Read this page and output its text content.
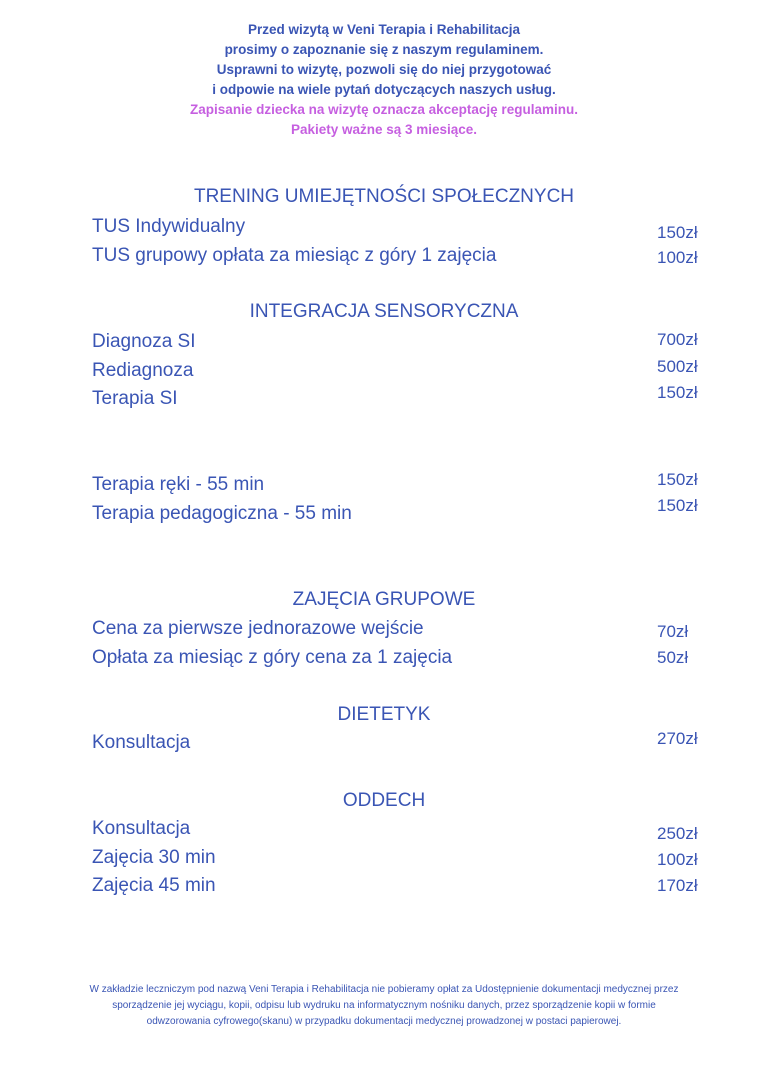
Przed wizytą w Veni Terapia i Rehabilitacja
prosimy o zapoznanie się z naszym regulaminem.
Usprawni to wizytę, pozwoli się do niej przygotować
i odpowie na wiele pytań dotyczących naszych usług.
Zapisanie dziecka na wizytę oznacza akceptację regulaminu.
Pakiety ważne są 3 miesiące.
TRENING UMIEJĘTNOŚCI SPOŁECZNYCH
TUS Indywidualny	150zł
TUS grupowy opłata za miesiąc z góry 1 zajęcia	100zł
INTEGRACJA SENSORYCZNA
Diagnoza SI	700zł
Rediagnoza	500zł
Terapia SI	150zł
Terapia ręki - 55 min	150zł
Terapia pedagogiczna - 55 min	150zł
ZAJĘCIA GRUPOWE
Cena za pierwsze jednorazowe wejście	70zł
Opłata za miesiąc z góry cena za 1 zajęcia	50zł
DIETETYK
Konsultacja	270zł
ODDECH
Konsultacja	250zł
Zajęcia 30 min	100zł
Zajęcia 45 min	170zł
W zakładzie leczniczym pod nazwą Veni Terapia i Rehabilitacja nie pobieramy opłat za Udostępnienie dokumentacji medycznej przez sporządzenie jej wyciągu, kopii, odpisu lub wydruku na informatycznym nośniku danych, przez sporządzenie kopii w formie odwzorowania cyfrowego(skanu) w przypadku dokumentacji medycznej prowadzonej w postaci papierowej.
